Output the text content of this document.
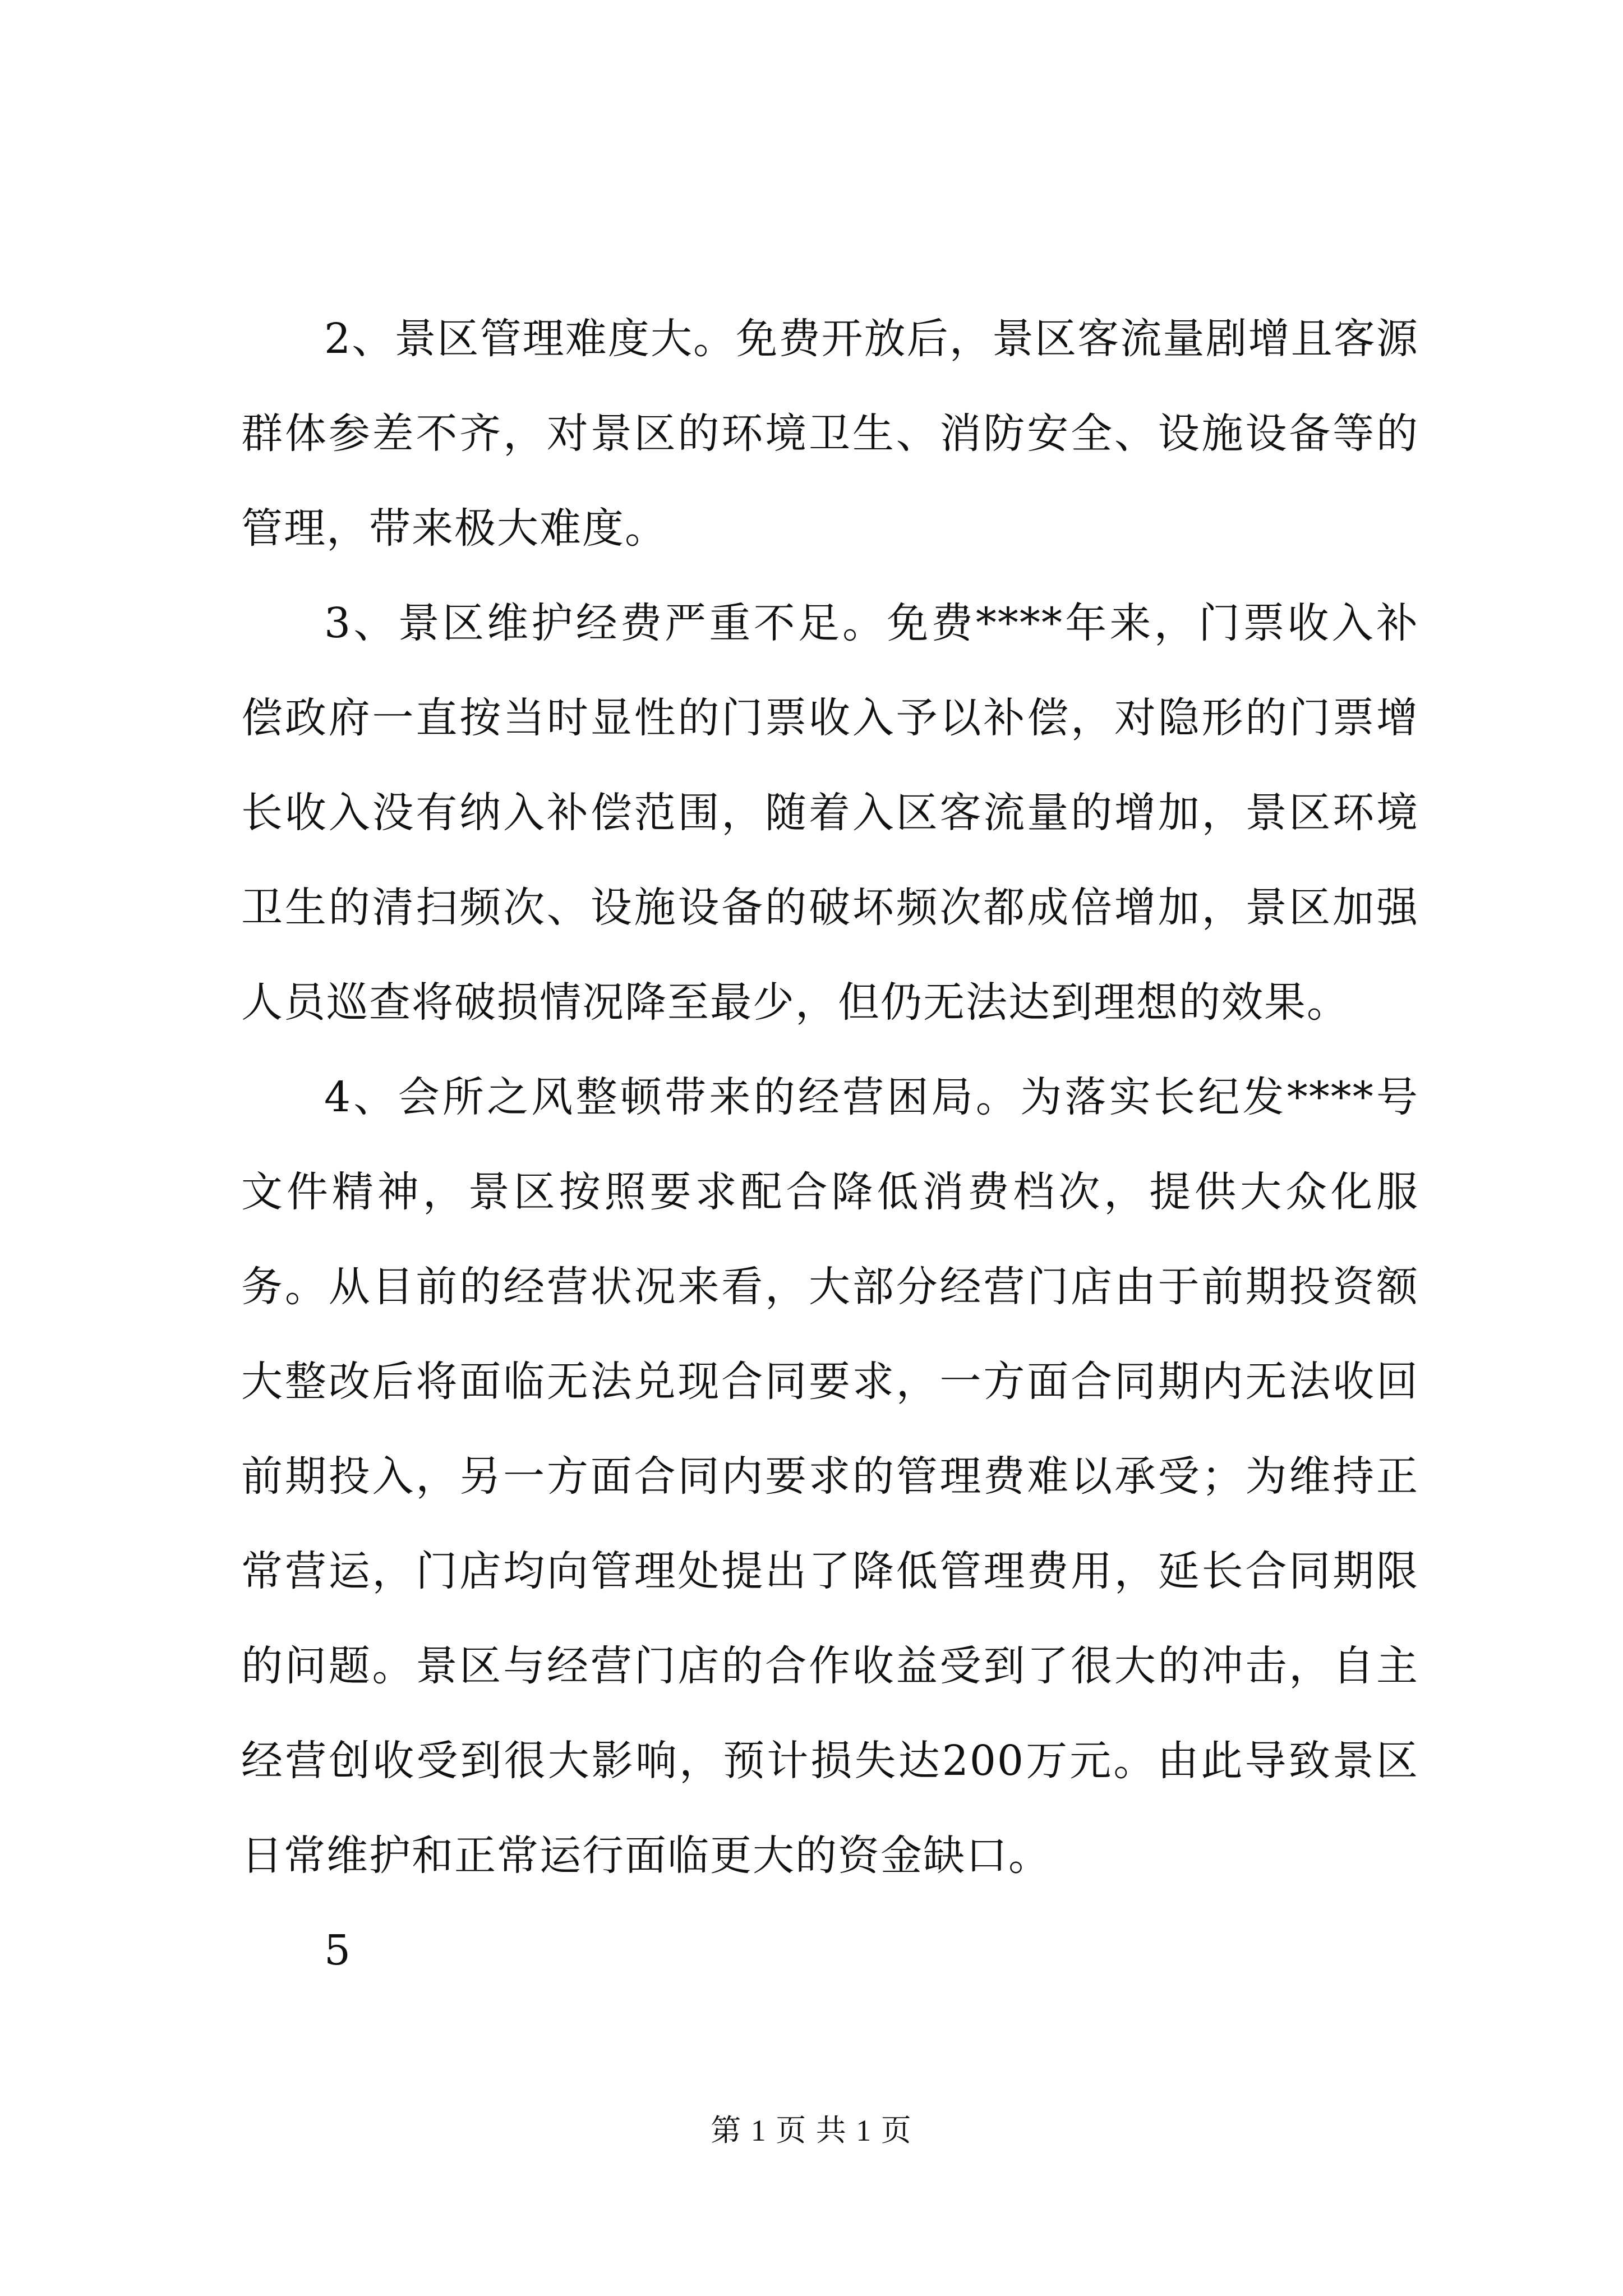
2、景区管理难度大。免费开放后，景区客流量剧增且客源群体参差不齐，对景区的环境卫生、消防安全、设施设备等的管理，带来极大难度。

3、景区维护经费严重不足。免费****年来，门票收入补偿政府一直按当时显性的门票收入予以补偿，对隐形的门票增长收入没有纳入补偿范围，随着入区客流量的增加，景区环境卫生的清扫频次、设施设备的破坏频次都成倍增加，景区加强人员巡查将破损情况降至最少，但仍无法达到理想的效果。

4、会所之风整顿带来的经营困局。为落实长纪发****号文件精神，景区按照要求配合降低消费档次，提供大众化服务。从目前的经营状况来看，大部分经营门店由于前期投资额大整改后将面临无法兑现合同要求，一方面合同期内无法收回前期投入，另一方面合同内要求的管理费难以承受；为维持正常营运，门店均向管理处提出了降低管理费用，延长合同期限的问题。景区与经营门店的合作收益受到了很大的冲击，自主经营创收受到很大影响，预计损失达200万元。由此导致景区日常维护和正常运行面临更大的资金缺口。

5

第 1 页 共 1 页
